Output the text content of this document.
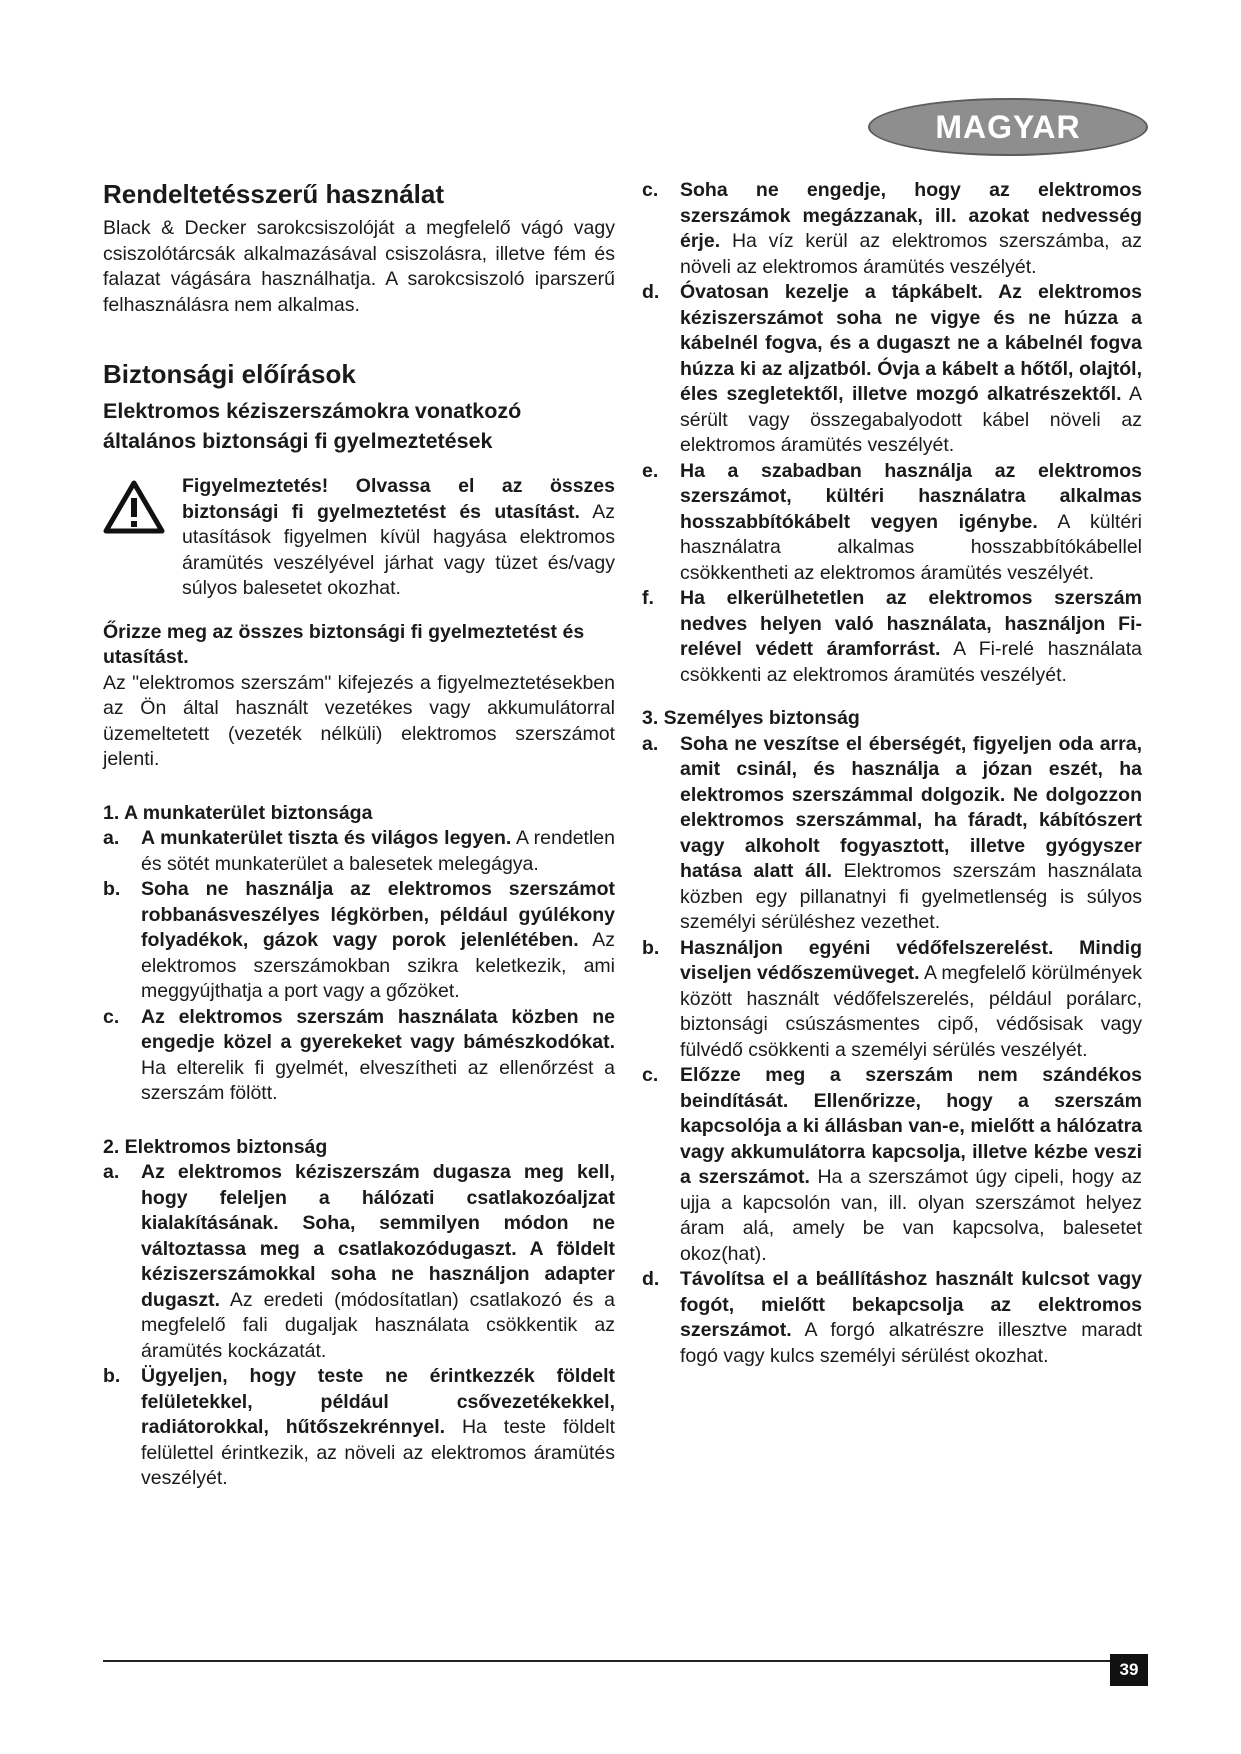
MAGYAR
Rendeltetésszerű használat

Black & Decker sarokcsiszolóját a megfelelő vágó vagy csiszolótárcsák alkalmazásával csiszolásra, illetve fém és falazat vágására használhatja. A sarokcsiszoló iparszerű felhasználásra nem alkalmas.

Biztonsági előírások
Elektromos kéziszerszámokra vonatkozó általános biztonsági fi gyelmeztetések

Figyelmeztetés! Olvassa el az összes biztonsági fi gyelmeztetést és utasítást. Az utasítások figyelmen kívül hagyása elektromos áramütés veszélyével járhat vagy tüzet és/vagy súlyos balesetet okozhat.

Őrizze meg az összes biztonsági fi gyelmeztetést és utasítást.

Az "elektromos szerszám" kifejezés a figyelmeztetésekben az Ön által használt vezetékes vagy akkumulátorral üzemeltetett (vezeték nélküli) elektromos szerszámot jelenti.

1. A munkaterület biztonsága

a. A munkaterület tiszta és világos legyen. A rendetlen és sötét munkaterület a balesetek melegágya.

b. Soha ne használja az elektromos szerszámot robbanásveszélyes légkörben, például gyúlékony folyadékok, gázok vagy porok jelenlétében. Az elektromos szerszámokban szikra keletkezik, ami meggyújthatja a port vagy a gőzöket.

c. Az elektromos szerszám használata közben ne engedje közel a gyerekeket vagy bámészkodókat. Ha elterelik fi gyelmét, elveszítheti az ellenőrzést a szerszám fölött.

2. Elektromos biztonság

a. Az elektromos kéziszerszám dugasza meg kell, hogy feleljen a hálózati csatlakozóaljzat kialakításának. Soha, semmilyen módon ne változtassa meg a csatlakozódugaszt. A földelt kéziszerszámokkal soha ne használjon adapter dugaszt. Az eredeti (módosítatlan) csatlakozó és a megfelelő fali dugaljak használata csökkentik az áramütés kockázatát.

b. Ügyeljen, hogy teste ne érintkezzék földelt felületekkel, például csővezetékekkel, radiátorokkal, hűtőszekrénnyel. Ha teste földelt felülettel érintkezik, az növeli az elektromos áramütés veszélyét.

c. Soha ne engedje, hogy az elektromos szerszámok megázzanak, ill. azokat nedvesség érje. Ha víz kerül az elektromos szerszámba, az növeli az elektromos áramütés veszélyét.

d. Óvatosan kezelje a tápkábelt. Az elektromos kéziszerszámot soha ne vigye és ne húzza a kábelnél fogva, és a dugaszt ne a kábelnél fogva húzza ki az aljzatból. Óvja a kábelt a hőtől, olajtól, éles szegletektől, illetve mozgó alkatrészektől. A sérült vagy összegabalyodott kábel növeli az elektromos áramütés veszélyét.

e. Ha a szabadban használja az elektromos szerszámot, kültéri használatra alkalmas hosszabbítókábelt vegyen igénybe. A kültéri használatra alkalmas hosszabbítókábellel csökkentheti az elektromos áramütés veszélyét.

f. Ha elkerülhetetlen az elektromos szerszám nedves helyen való használata, használjon Fi-relével védett áramforrást. A Fi-relé használata csökkenti az elektromos áramütés veszélyét.

3. Személyes biztonság

a. Soha ne veszítse el éberségét, figyeljen oda arra, amit csinál, és használja a józan eszét, ha elektromos szerszámmal dolgozik. Ne dolgozzon elektromos szerszámmal, ha fáradt, kábítószert vagy alkoholt fogyasztott, illetve gyógyszer hatása alatt áll. Elektromos szerszám használata közben egy pillanatnyi fi gyelmetlenség is súlyos személyi sérüléshez vezethet.

b. Használjon egyéni védőfelszerelést. Mindig viseljen védőszemüveget. A megfelelő körülmények között használt védőfelszerelés, például porálarc, biztonsági csúszásmentes cipő, védősisak vagy fülvédő csökkenti a személyi sérülés veszélyét.

c. Előzze meg a szerszám nem szándékos beindítását. Ellenőrizze, hogy a szerszám kapcsolója a ki állásban van-e, mielőtt a hálózatra vagy akkumulátorra kapcsolja, illetve kézbe veszi a szerszámot. Ha a szerszámot úgy cipeli, hogy az ujja a kapcsolón van, ill. olyan szerszámot helyez áram alá, amely be van kapcsolva, balesetet okoz(hat).

d. Távolítsa el a beállításhoz használt kulcsot vagy fogót, mielőtt bekapcsolja az elektromos szerszámot. A forgó alkatrészre illesztve maradt fogó vagy kulcs személyi sérülést okozhat.

39
